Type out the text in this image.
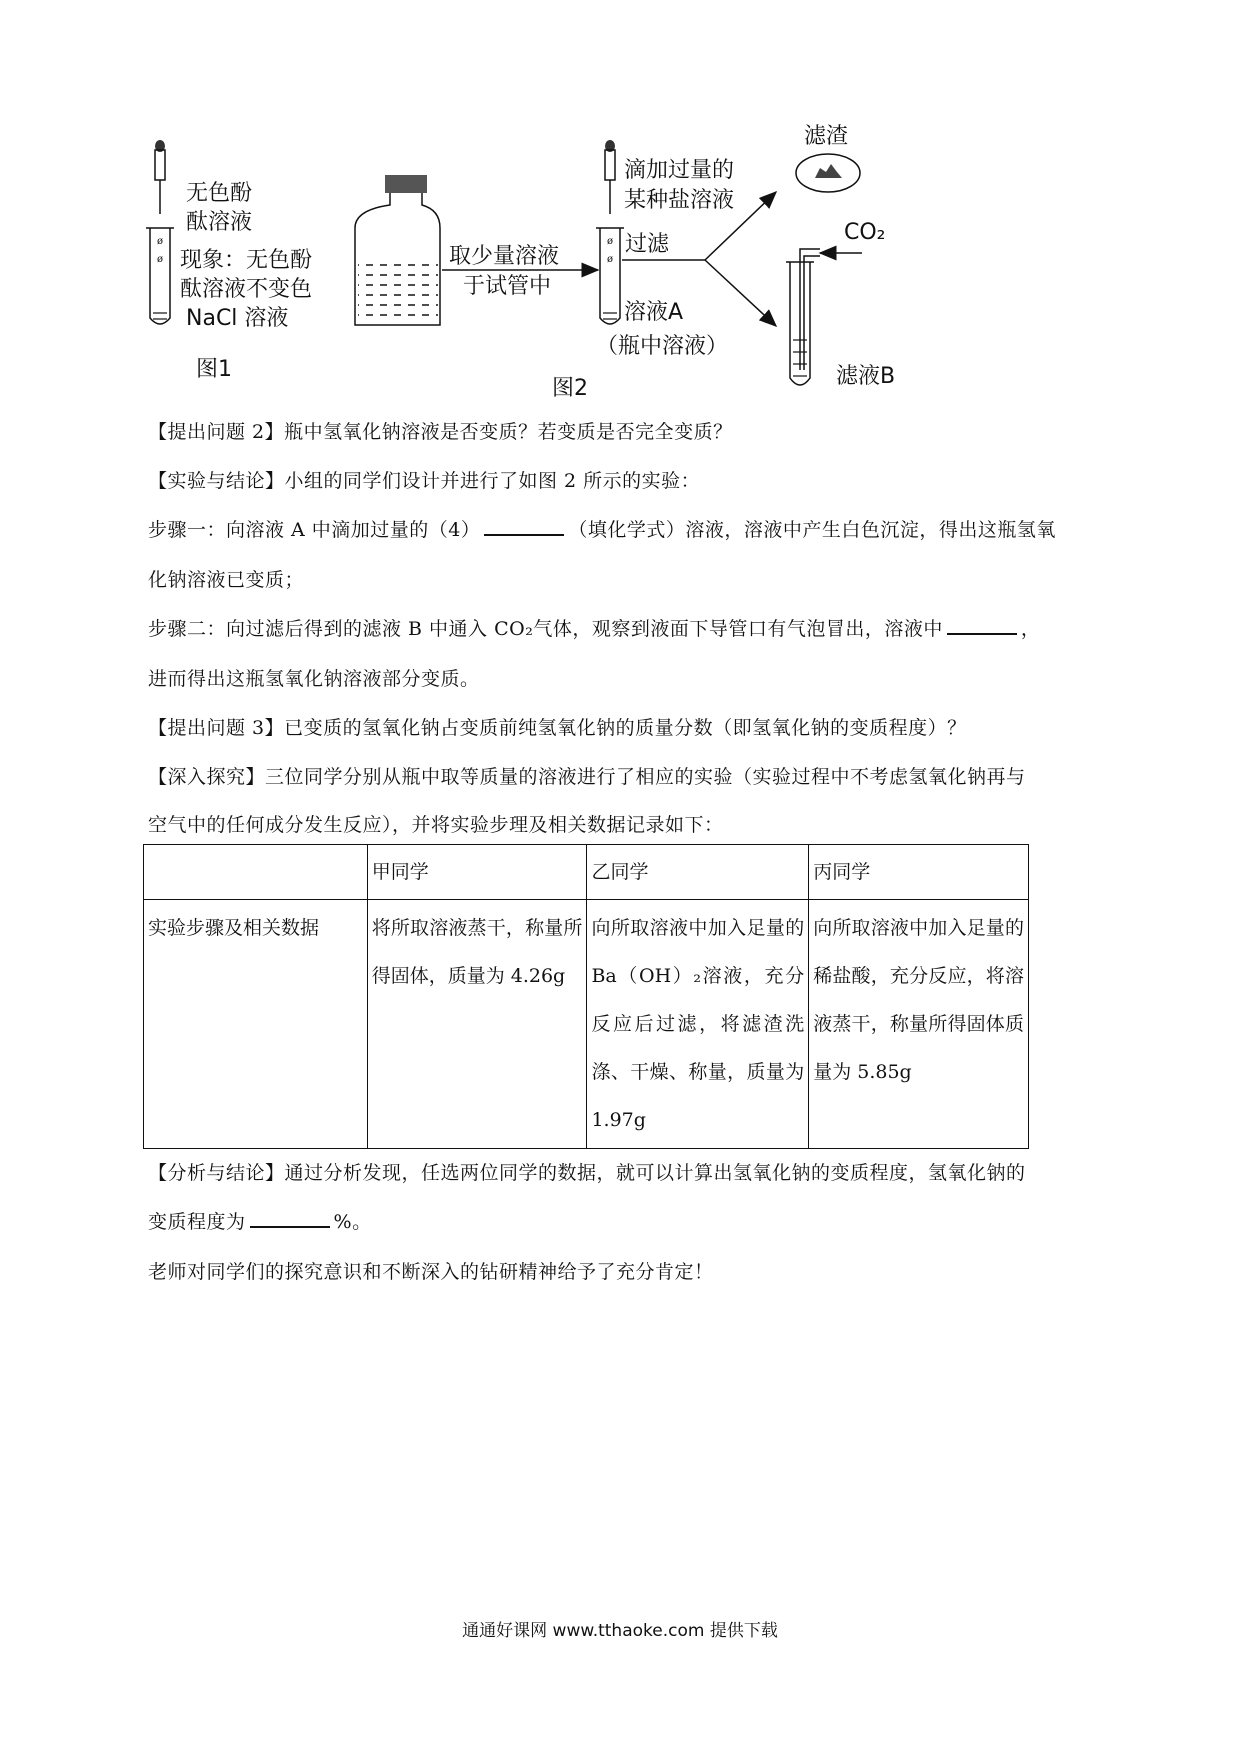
ø
ø
ø
ø
无色酚
酞溶液
现象：无色酚
酞溶液不变色
NaCl 溶液
图1
取少量溶液
于试管中
滤渣
滴加过量的
某种盐溶液
过滤	CO₂
溶液A
（瓶中溶液）
滤液B
图2
【提出问题 2】瓶中氢氧化钠溶液是否变质？若变质是否完全变质？
【实验与结论】小组的同学们设计并进行了如图 2 所示的实验：
步骤一：向溶液 A 中滴加过量的（4）	（填化学式）溶液，溶液中产生白色沉淀，得出这瓶氢氧
化钠溶液已变质；
步骤二：向过滤后得到的滤液 B 中通入 CO₂气体，观察到液面下导管口有气泡冒出，溶液中	，
进而得出这瓶氢氧化钠溶液部分变质。
【提出问题 3】已变质的氢氧化钠占变质前纯氢氧化钠的质量分数（即氢氧化钠的变质程度）？
【深入探究】三位同学分别从瓶中取等质量的溶液进行了相应的实验（实验过程中不考虑氢氧化钠再与
空气中的任何成分发生反应），并将实验步理及相关数据记录如下：
	甲同学	乙同学	丙同学
实验步骤及相关数据	将所取溶液蒸干，称量所得固体，质量为 4.26g	向所取溶液中加入足量的 Ba（OH）₂溶液，充分反应后过滤，将滤渣洗涤、干燥、称量，质量为 1.97g	向所取溶液中加入足量的稀盐酸，充分反应，将溶液蒸干，称量所得固体质量为 5.85g
【分析与结论】通过分析发现，任选两位同学的数据，就可以计算出氢氧化钠的变质程度，氢氧化钠的
变质程度为	%。
老师对同学们的探究意识和不断深入的钻研精神给予了充分肯定！
通通好课网 www.tthaoke.com 提供下载
